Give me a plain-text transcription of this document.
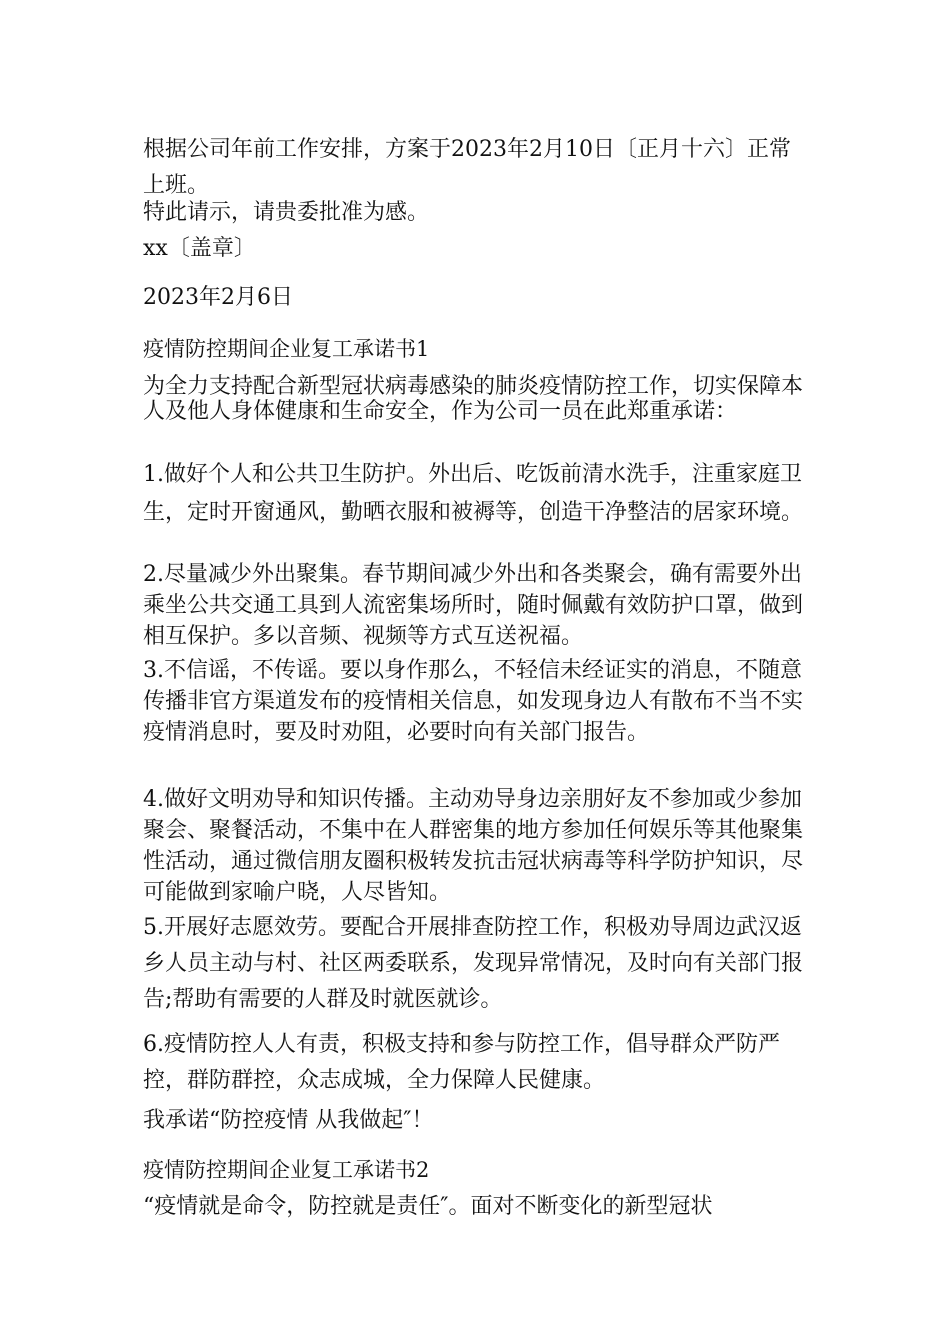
根据公司年前工作安排，方案于2023年2月10日〔正月十六〕正常上班。

特此请示，请贵委批准为感。

xx〔盖章〕

2023年2月6日

疫情防控期间企业复工承诺书1

为全力支持配合新型冠状病毒感染的肺炎疫情防控工作，切实保障本人及他人身体健康和生命安全，作为公司一员在此郑重承诺：

1.做好个人和公共卫生防护。外出后、吃饭前清水洗手，注重家庭卫生，定时开窗通风，勤晒衣服和被褥等，创造干净整洁的居家环境。

2.尽量减少外出聚集。春节期间减少外出和各类聚会，确有需要外出乘坐公共交通工具到人流密集场所时，随时佩戴有效防护口罩，做到相互保护。多以音频、视频等方式互送祝福。

3.不信谣，不传谣。要以身作那么，不轻信未经证实的消息，不随意传播非官方渠道发布的疫情相关信息，如发现身边人有散布不当不实疫情消息时，要及时劝阻，必要时向有关部门报告。

4.做好文明劝导和知识传播。主动劝导身边亲朋好友不参加或少参加聚会、聚餐活动，不集中在人群密集的地方参加任何娱乐等其他聚集性活动，通过微信朋友圈积极转发抗击冠状病毒等科学防护知识，尽可能做到家喻户晓，人尽皆知。

5.开展好志愿效劳。要配合开展排查防控工作，积极劝导周边武汉返乡人员主动与村、社区两委联系，发现异常情况，及时向有关部门报告;帮助有需要的人群及时就医就诊。

6.疫情防控人人有责，积极支持和参与防控工作，倡导群众严防严控，群防群控，众志成城，全力保障人民健康。

我承诺“防控疫情 从我做起″！

疫情防控期间企业复工承诺书2

“疫情就是命令，防控就是责任″。面对不断变化的新型冠状
